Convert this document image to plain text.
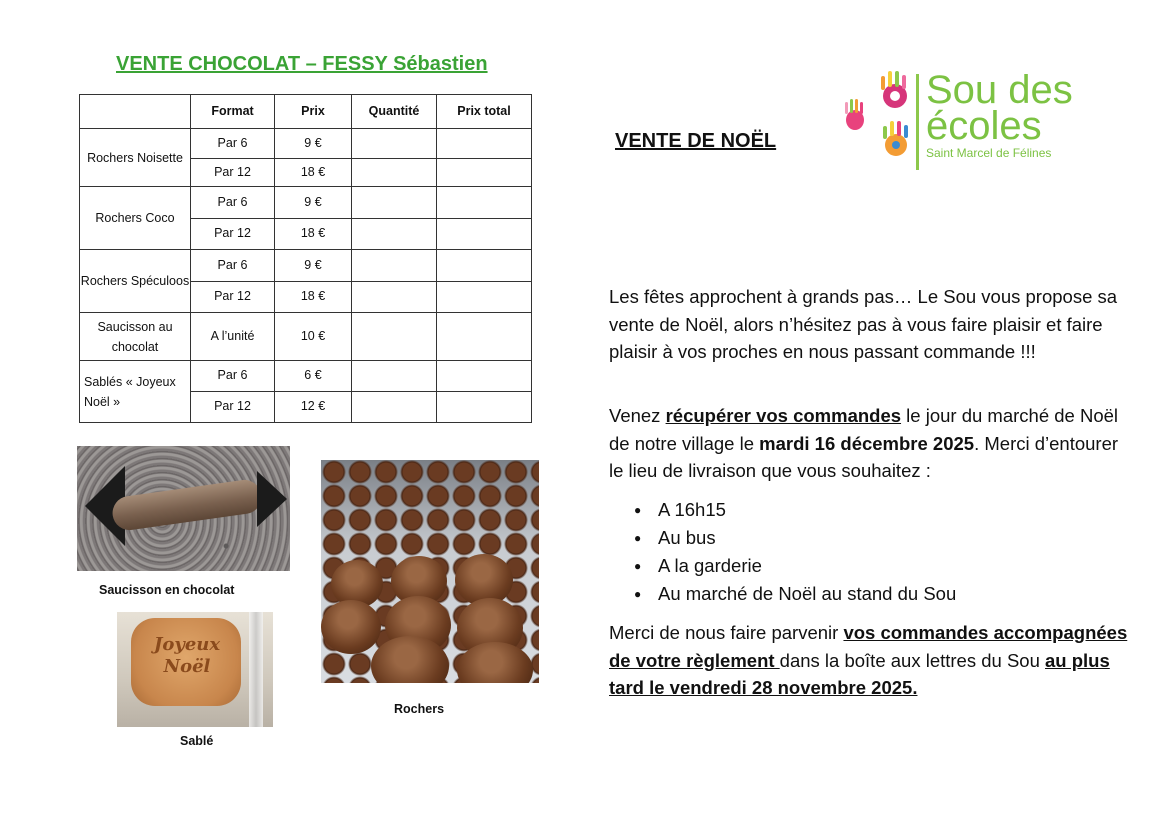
VENTE CHOCOLAT – FESSY Sébastien
	Format	Prix	Quantité	Prix total
Rochers Noisette	Par 6	9 €		
	Par 12	18 €		
Rochers Coco	Par 6	9 €		
	Par 12	18 €		
Rochers Spéculoos	Par 6	9 €		
	Par 12	18 €		
Saucisson au chocolat	A l’unité	10 €		
Sablés « Joyeux Noël »	Par 6	6 €		
	Par 12	12 €		
Saucisson en chocolat
Rochers
Joyeux Noël
Sablé
VENTE DE NOËL
Sou des
écoles
Saint Marcel de Félines
Les fêtes approchent à grands pas… Le Sou vous propose sa vente de Noël, alors n’hésitez pas à vous faire plaisir et faire plaisir à vos proches en nous passant commande !!!
Venez récupérer vos commandes le jour du marché de Noël de notre village le mardi 16 décembre 2025. Merci d’entourer le lieu de livraison que vous souhaitez :
● A 16h15
● Au bus
● A la garderie
● Au marché de Noël au stand du Sou
Merci de nous faire parvenir vos commandes accompagnées de votre règlement dans la boîte aux lettres du Sou au plus tard le vendredi 28 novembre 2025.
